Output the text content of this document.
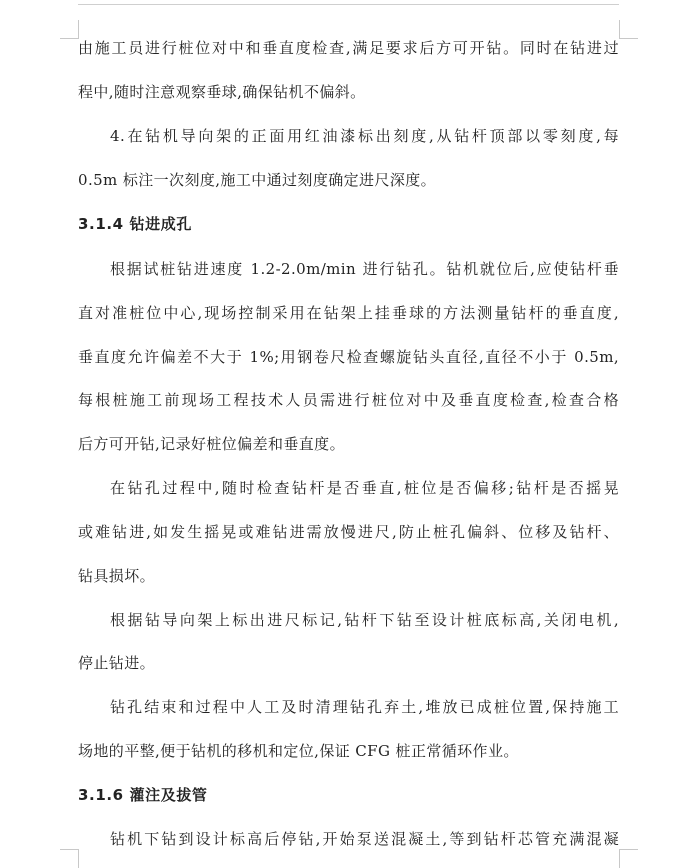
由施工员进行桩位对中和垂直度检查,满足要求后方可开钻。同时在钻进过
程中,随时注意观察垂球,确保钻机不偏斜。
4.在钻机导向架的正面用红油漆标出刻度,从钻杆顶部以零刻度,每
0.5m 标注一次刻度,施工中通过刻度确定进尺深度。
3.1.4 钻进成孔
根据试桩钻进速度 1.2-2.0m/min 进行钻孔。钻机就位后,应使钻杆垂
直对准桩位中心,现场控制采用在钻架上挂垂球的方法测量钻杆的垂直度,
垂直度允许偏差不大于 1%;用钢卷尺检查螺旋钻头直径,直径不小于 0.5m,
每根桩施工前现场工程技术人员需进行桩位对中及垂直度检查,检查合格
后方可开钻,记录好桩位偏差和垂直度。
在钻孔过程中,随时检查钻杆是否垂直,桩位是否偏移;钻杆是否摇晃
或难钻进,如发生摇晃或难钻进需放慢进尺,防止桩孔偏斜、位移及钻杆、
钻具损坏。
根据钻导向架上标出进尺标记,钻杆下钻至设计桩底标高,关闭电机,
停止钻进。
钻孔结束和过程中人工及时清理钻孔弃土,堆放已成桩位置,保持施工
场地的平整,便于钻机的移机和定位,保证 CFG 桩正常循环作业。
3.1.6 灌注及拔管
钻机下钻到设计标高后停钻,开始泵送混凝土,等到钻杆芯管充满混凝
